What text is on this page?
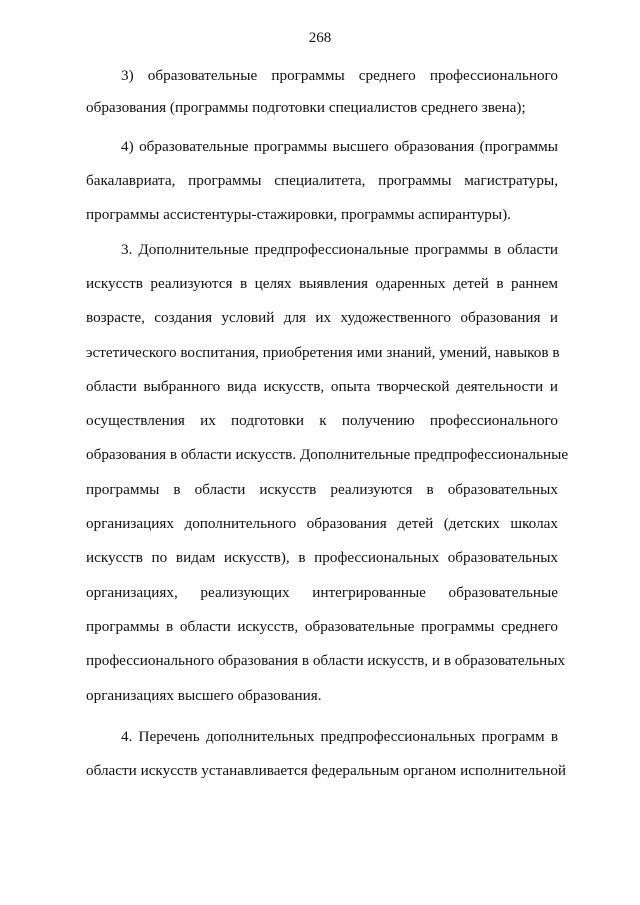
268
3) образовательные программы среднего профессионального
образования (программы подготовки специалистов среднего звена);
4) образовательные программы высшего образования (программы
бакалавриата, программы специалитета, программы магистратуры,
программы ассистентуры-стажировки, программы аспирантуры).
3. Дополнительные предпрофессиональные программы в области
искусств реализуются в целях выявления одаренных детей в раннем
возрасте, создания условий для их художественного образования и
эстетического воспитания, приобретения ими знаний, умений, навыков в
области выбранного вида искусств, опыта творческой деятельности и
осуществления их подготовки к получению профессионального
образования в области искусств. Дополнительные предпрофессиональные
программы в области искусств реализуются в образовательных
организациях дополнительного образования детей (детских школах
искусств по видам искусств), в профессиональных образовательных
организациях, реализующих интегрированные образовательные
программы в области искусств, образовательные программы среднего
профессионального образования в области искусств, и в образовательных
организациях высшего образования.
4. Перечень дополнительных предпрофессиональных программ в
области искусств устанавливается федеральным органом исполнительной
